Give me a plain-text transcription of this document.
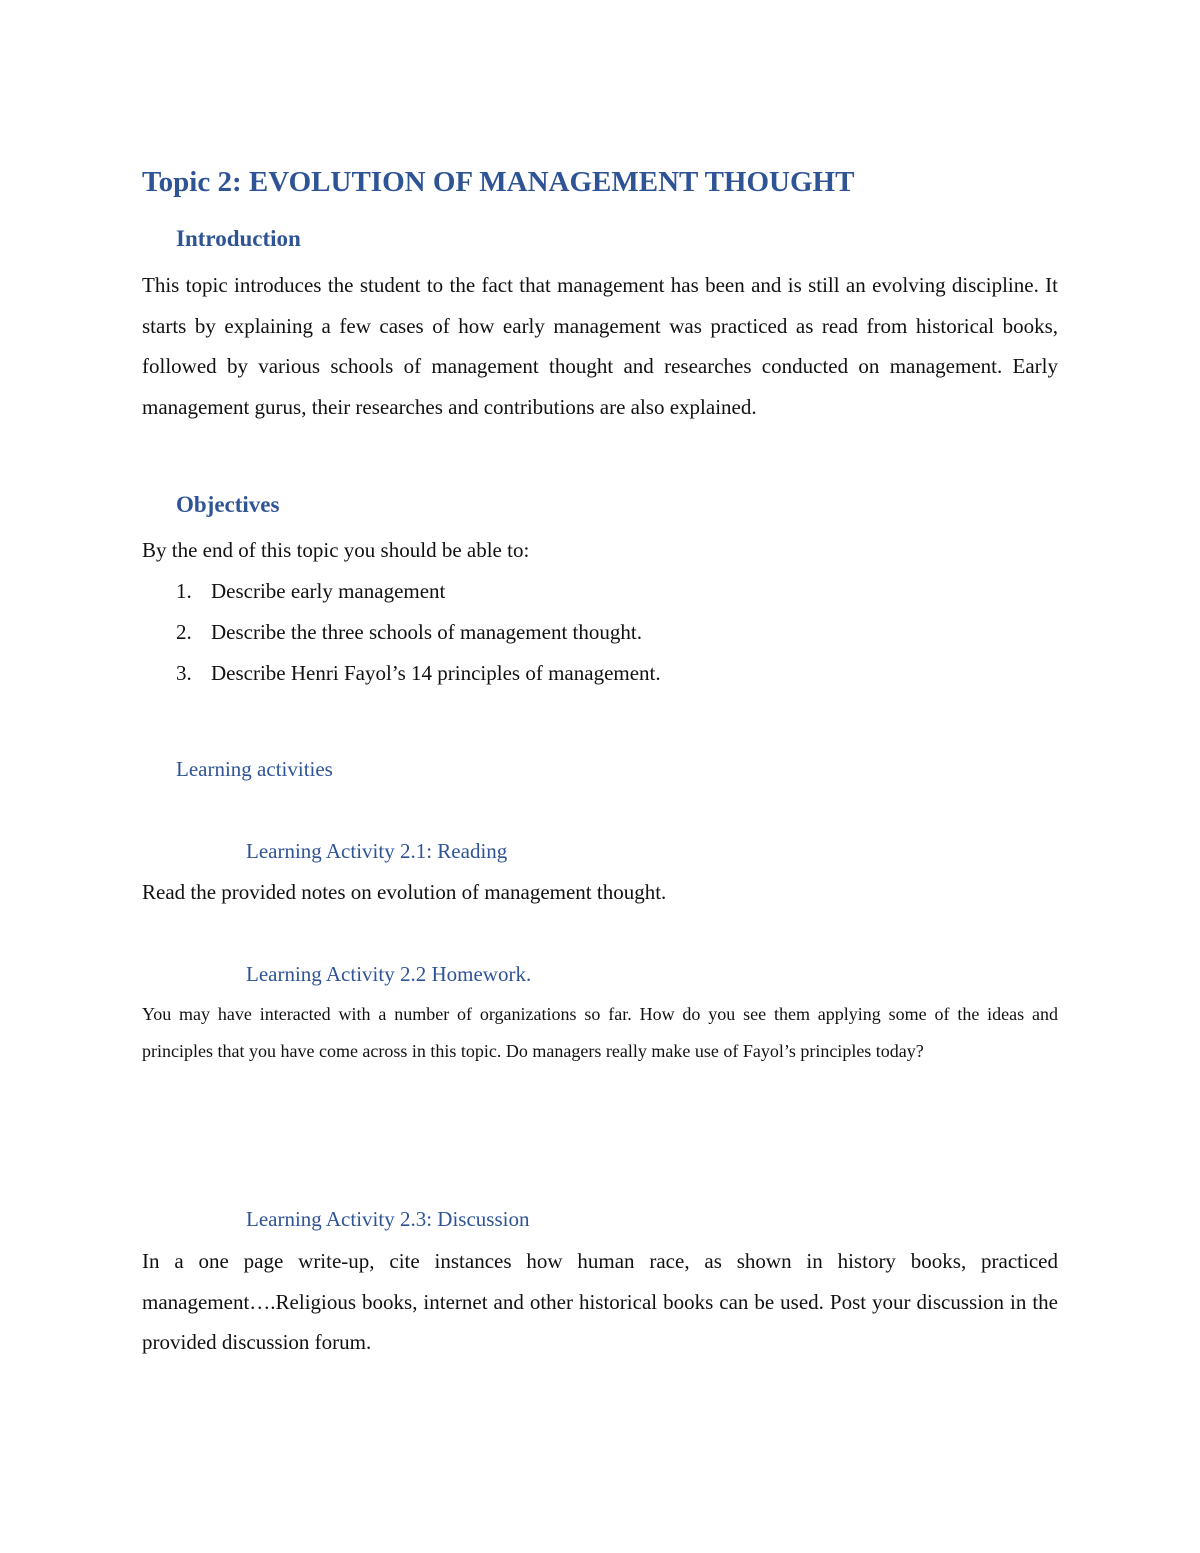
Topic 2: EVOLUTION OF MANAGEMENT THOUGHT
Introduction

This topic introduces the student to the fact that management has been and is still an evolving discipline. It starts by explaining a few cases of how early management was practiced as read from historical books, followed by various schools of management thought and researches conducted on management. Early management gurus, their researches and contributions are also explained.

Objectives

By the end of this topic you should be able to:

1. Describe early management
2. Describe the three schools of management thought.
3. Describe Henri Fayol’s 14 principles of management.
Learning activities
Learning Activity 2.1: Reading

Read the provided notes on evolution of management thought.

Learning Activity 2.2 Homework.

You may have interacted with a number of organizations so far. How do you see them applying some of the ideas and principles that you have come across in this topic. Do managers really make use of Fayol’s principles today?

Learning Activity 2.3: Discussion

In a one page write-up, cite instances how human race, as shown in history books, practiced management….Religious books, internet and other historical books can be used. Post your discussion in the provided discussion forum.
